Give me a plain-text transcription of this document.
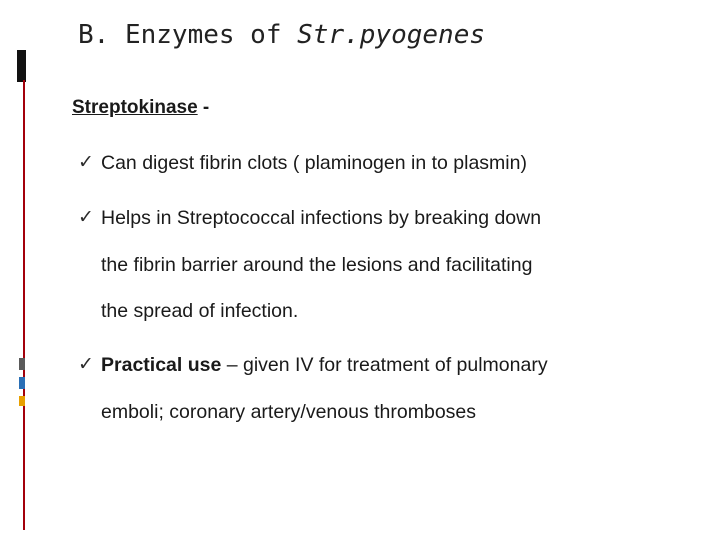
B. Enzymes of Str.pyogenes
Streptokinase -
✓ Can digest fibrin clots ( plaminogen in to plasmin)
✓ Helps in Streptococcal infections by breaking down
the fibrin barrier around the lesions and facilitating
the spread of infection.
✓ Practical use – given IV for treatment of pulmonary
emboli; coronary artery/venous thromboses
